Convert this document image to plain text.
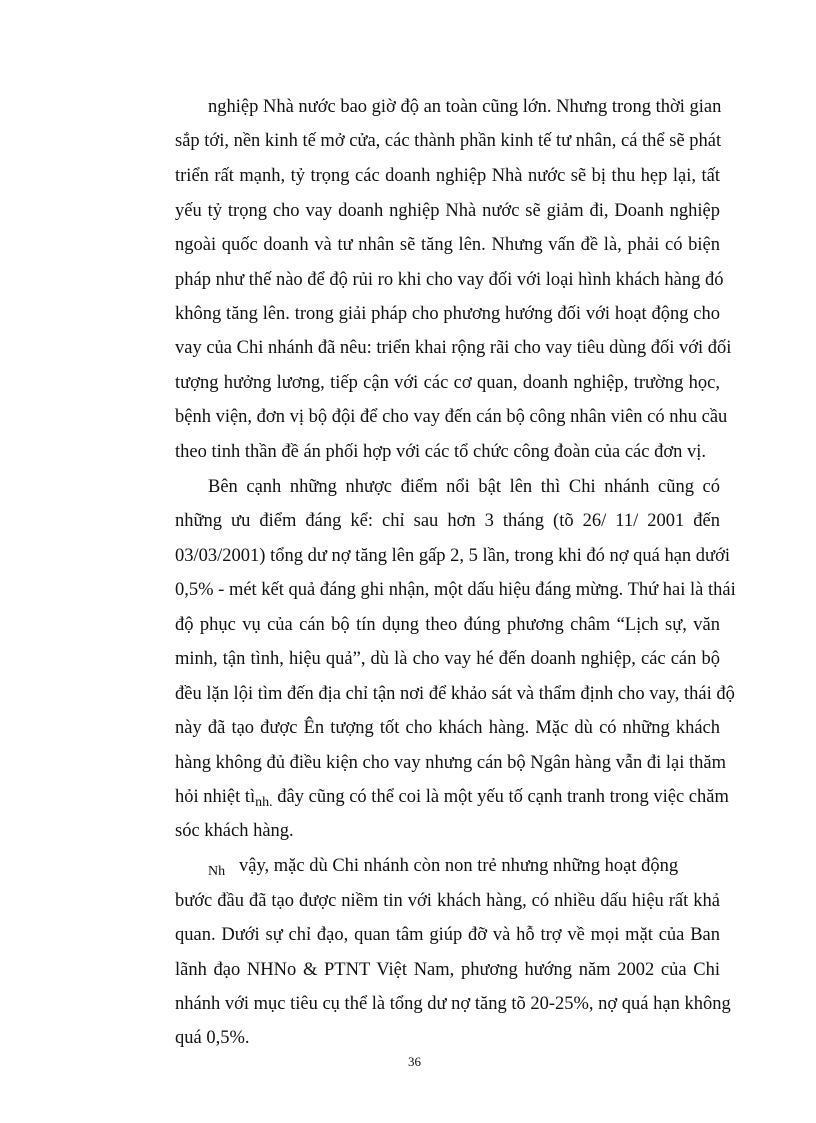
nghiệp Nhà nước bao giờ độ an toàn cũng lớn. Nhưng trong thời gian
sắp tới, nền kinh tế mở cửa, các thành phần kinh tế tư nhân, cá thể sẽ phát
triển rất mạnh, tỷ trọng các doanh nghiệp Nhà nước sẽ bị thu hẹp lại, tất
yếu tỷ trọng cho vay doanh nghiệp Nhà nước sẽ giảm đi, Doanh nghiệp
ngoài quốc doanh và tư nhân sẽ tăng lên. Nhưng vấn đề là, phải có biện
pháp như thế nào để độ rủi ro khi cho vay đối với loại hình khách hàng đó
không tăng lên. trong giải pháp cho phương hướng đối với hoạt động cho
vay của Chi nhánh đã nêu: triển khai rộng rãi cho vay tiêu dùng đối với đối
tượng hưởng lương, tiếp cận với các cơ quan, doanh nghiệp, trường học,
bệnh viện, đơn vị bộ đội để cho vay đến cán bộ công nhân viên có nhu cầu
theo tinh thần đề án phối hợp với các tổ chức công đoàn của các đơn vị.
Bên cạnh những nhược điểm nổi bật lên thì Chi nhánh cũng có
những ưu điểm đáng kể: chỉ sau hơn 3 tháng (tõ 26/ 11/ 2001 đến
03/03/2001) tổng dư nợ tăng lên gấp 2, 5 lần, trong khi đó nợ quá hạn dưới
0,5% - mét kết quả đáng ghi nhận, một dấu hiệu đáng mừng. Thứ hai là thái
độ phục vụ của cán bộ tín dụng theo đúng phương châm “Lịch sự, văn
minh, tận tình, hiệu quả”, dù là cho vay hé đến doanh nghiệp, các cán bộ
đều lặn lội tìm đến địa chỉ tận nơi để khảo sát và thẩm định cho vay, thái độ
này đã tạo được Ên tượng tốt cho khách hàng. Mặc dù có những khách
hàng không đủ điều kiện cho vay nhưng cán bộ Ngân hàng vẫn đi lại thăm
hỏi nhiệt $tì_{nh.}$ đây cũng có thể coi là một yếu tố cạnh tranh trong việc chăm
sóc khách hàng.
$_{Nh}$   vậy, mặc dù Chi nhánh còn non trẻ nhưng những hoạt động
bước đầu đã tạo được niềm tin với khách hàng, có nhiều dấu hiệu rất khả
quan. Dưới sự chỉ đạo, quan tâm giúp đỡ và hỗ trợ về mọi mặt của Ban
lãnh đạo NHNo & PTNT Việt Nam, phương hướng năm 2002 của Chi
nhánh với mục tiêu cụ thể là tổng dư nợ tăng tõ 20-25%, nợ quá hạn không
quá 0,5%.
36
